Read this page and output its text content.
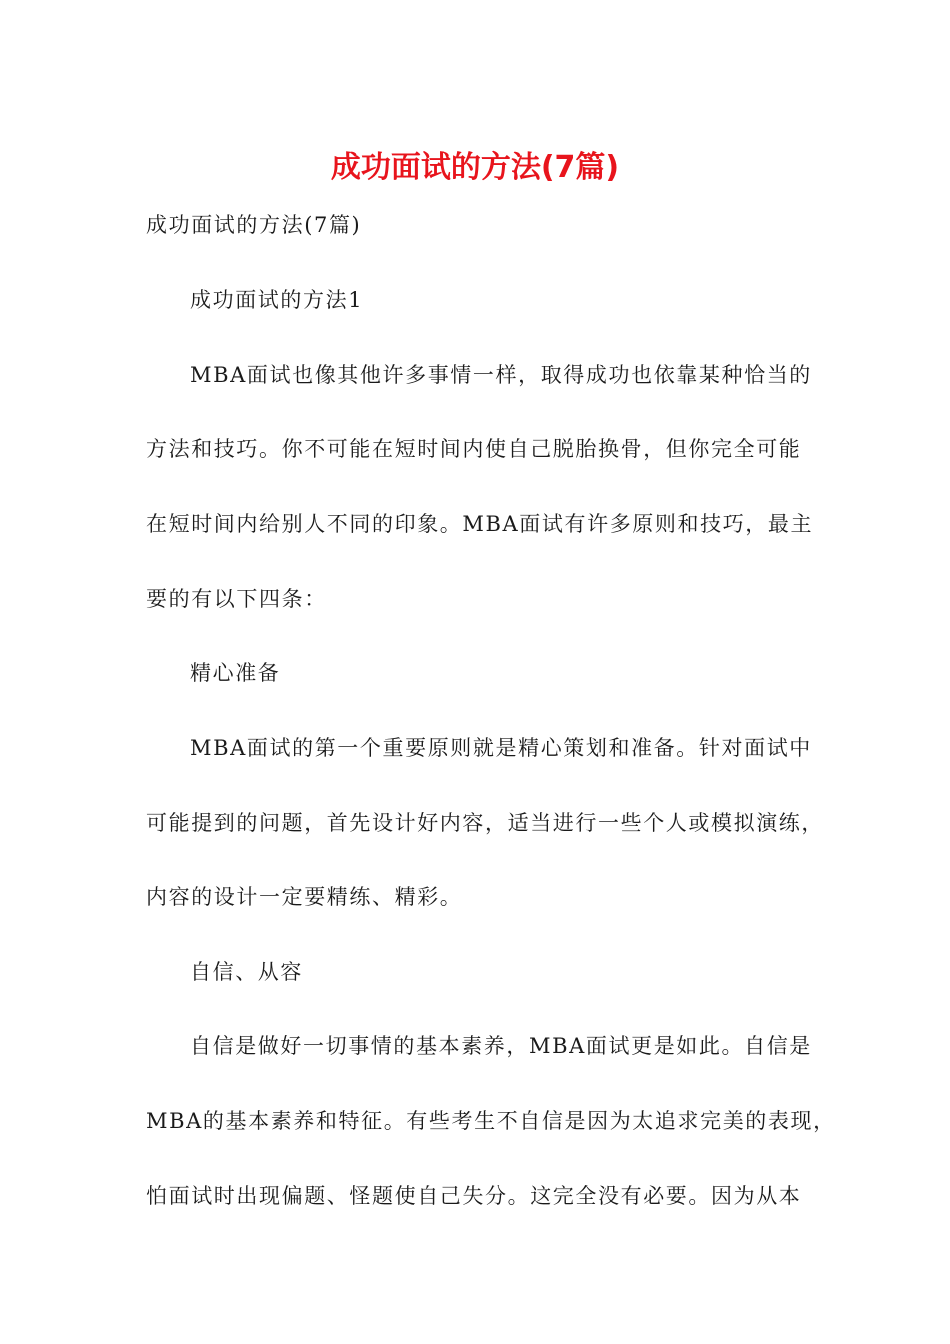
成功面试的方法(7篇)

成功面试的方法(7篇)

成功面试的方法1

MBA面试也像其他许多事情一样，取得成功也依靠某种恰当的

方法和技巧。你不可能在短时间内使自己脱胎换骨，但你完全可能

在短时间内给别人不同的印象。MBA面试有许多原则和技巧，最主

要的有以下四条：

精心准备

MBA面试的第一个重要原则就是精心策划和准备。针对面试中

可能提到的问题，首先设计好内容，适当进行一些个人或模拟演练，

内容的设计一定要精练、精彩。

自信、从容

自信是做好一切事情的基本素养，MBA面试更是如此。自信是

MBA的基本素养和特征。有些考生不自信是因为太追求完美的表现，

怕面试时出现偏题、怪题使自己失分。这完全没有必要。因为从本
